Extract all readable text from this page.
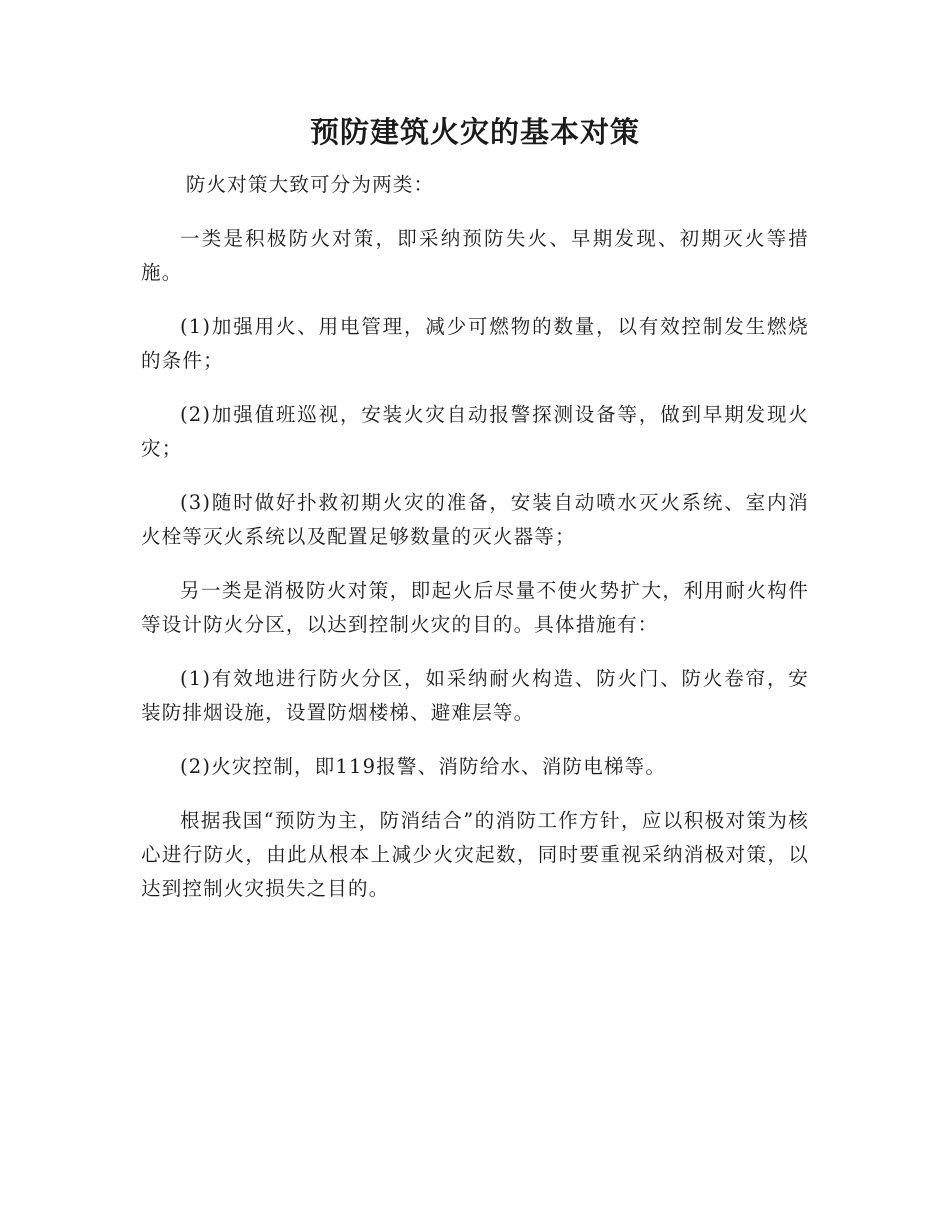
预防建筑火灾的基本对策

防火对策大致可分为两类：

一类是积极防火对策，即采纳预防失火、早期发现、初期灭火等措施。

(1)加强用火、用电管理，减少可燃物的数量，以有效控制发生燃烧的条件；

(2)加强值班巡视，安装火灾自动报警探测设备等，做到早期发现火灾；

(3)随时做好扑救初期火灾的准备，安装自动喷水灭火系统、室内消火栓等灭火系统以及配置足够数量的灭火器等；

另一类是消极防火对策，即起火后尽量不使火势扩大，利用耐火构件等设计防火分区，以达到控制火灾的目的。具体措施有：

(1)有效地进行防火分区，如采纳耐火构造、防火门、防火卷帘，安装防排烟设施，设置防烟楼梯、避难层等。

(2)火灾控制，即119报警、消防给水、消防电梯等。

根据我国“预防为主，防消结合”的消防工作方针，应以积极对策为核心进行防火，由此从根本上减少火灾起数，同时要重视采纳消极对策，以达到控制火灾损失之目的。
